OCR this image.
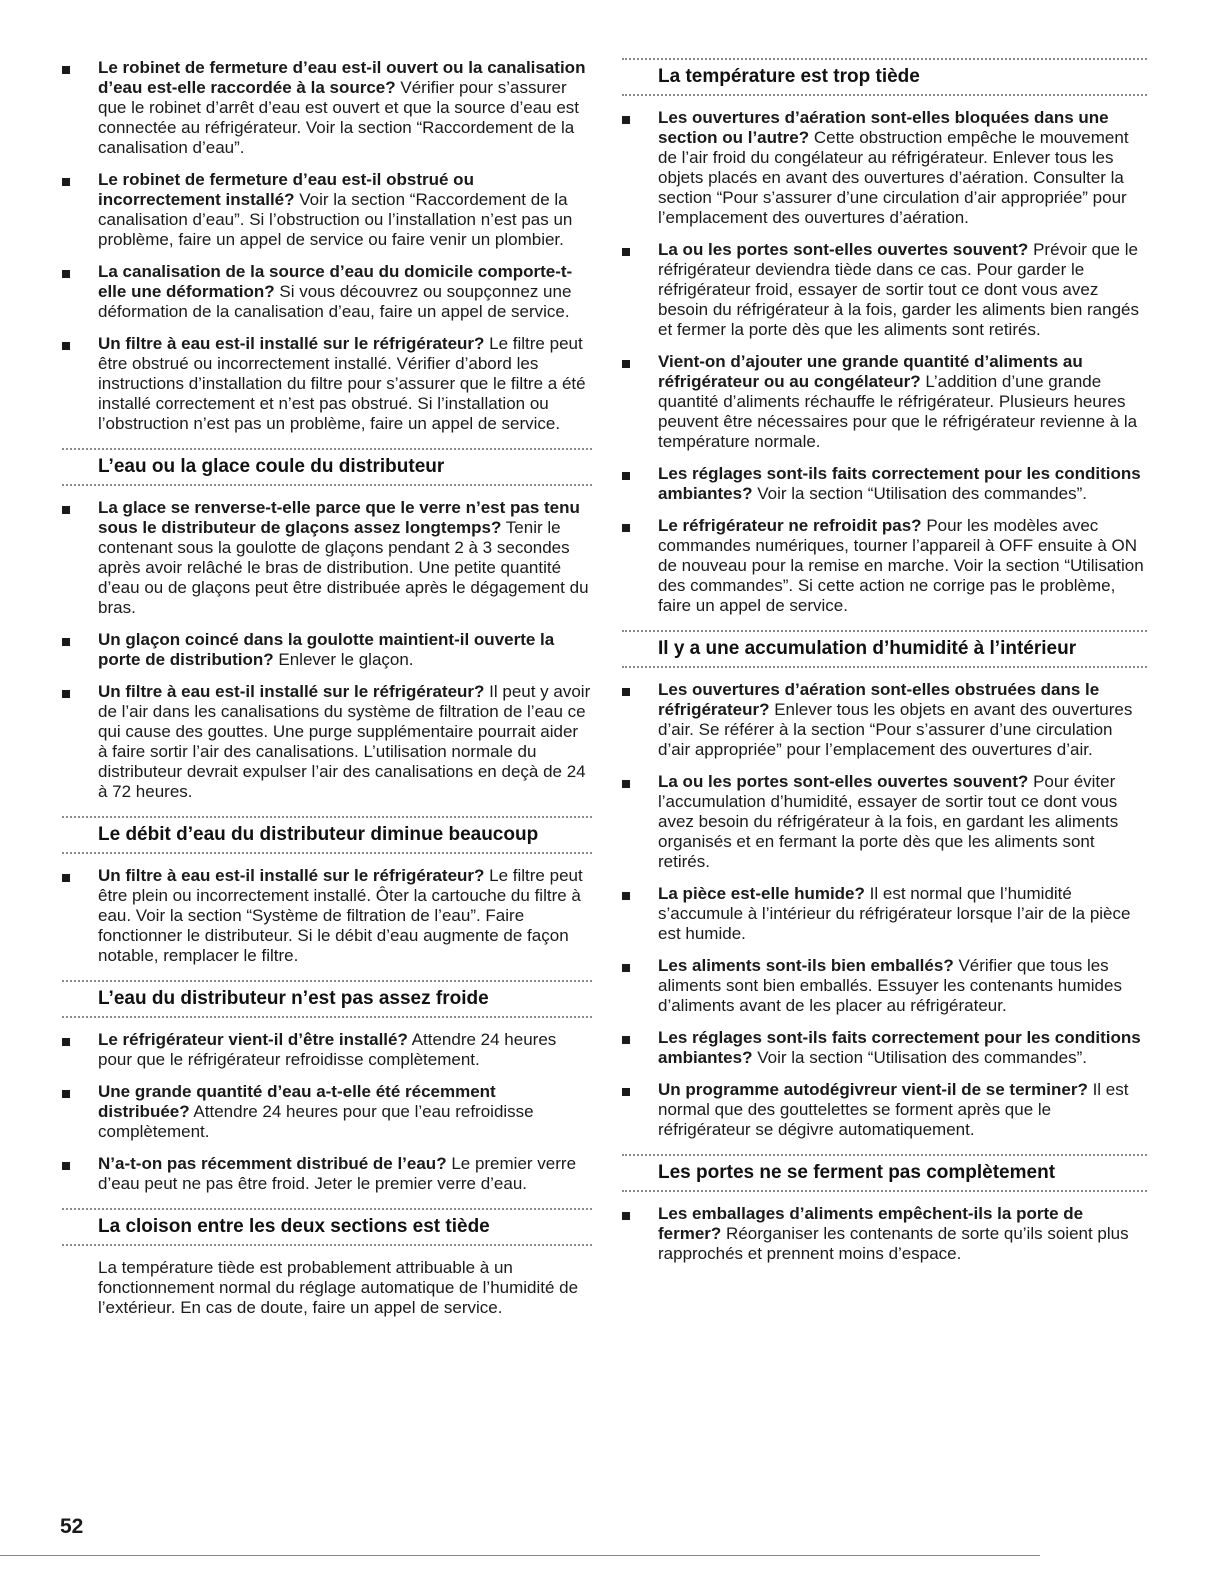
Le robinet de fermeture d’eau est-il ouvert ou la canalisation d’eau est-elle raccordée à la source? Vérifier pour s’assurer que le robinet d’arrêt d’eau est ouvert et que la source d’eau est connectée au réfrigérateur. Voir la section “Raccordement de la canalisation d’eau”.
Le robinet de fermeture d’eau est-il obstrué ou incorrectement installé? Voir la section “Raccordement de la canalisation d’eau”. Si l’obstruction ou l’installation n’est pas un problème, faire un appel de service ou faire venir un plombier.
La canalisation de la source d’eau du domicile comporte-t-elle une déformation? Si vous découvrez ou soupçonnez une déformation de la canalisation d’eau, faire un appel de service.
Un filtre à eau est-il installé sur le réfrigérateur? Le filtre peut être obstrué ou incorrectement installé. Vérifier d’abord les instructions d’installation du filtre pour s’assurer que le filtre a été installé correctement et n’est pas obstrué. Si l’installation ou l’obstruction n’est pas un problème, faire un appel de service.
L’eau ou la glace coule du distributeur
La glace se renverse-t-elle parce que le verre n’est pas tenu sous le distributeur de glaçons assez longtemps? Tenir le contenant sous la goulotte de glaçons pendant 2 à 3 secondes après avoir relâché le bras de distribution. Une petite quantité d’eau ou de glaçons peut être distribuée après le dégagement du bras.
Un glaçon coincé dans la goulotte maintient-il ouverte la porte de distribution? Enlever le glaçon.
Un filtre à eau est-il installé sur le réfrigérateur? Il peut y avoir de l’air dans les canalisations du système de filtration de l’eau ce qui cause des gouttes. Une purge supplémentaire pourrait aider à faire sortir l’air des canalisations. L’utilisation normale du distributeur devrait expulser l’air des canalisations en deçà de 24 à 72 heures.
Le débit d’eau du distributeur diminue beaucoup
Un filtre à eau est-il installé sur le réfrigérateur? Le filtre peut être plein ou incorrectement installé. Ôter la cartouche du filtre à eau. Voir la section “Système de filtration de l’eau”. Faire fonctionner le distributeur. Si le débit d’eau augmente de façon notable, remplacer le filtre.
L’eau du distributeur n’est pas assez froide
Le réfrigérateur vient-il d’être installé? Attendre 24 heures pour que le réfrigérateur refroidisse complètement.
Une grande quantité d’eau a-t-elle été récemment distribuée? Attendre 24 heures pour que l’eau refroidisse complètement.
N’a-t-on pas récemment distribué de l’eau? Le premier verre d’eau peut ne pas être froid. Jeter le premier verre d’eau.
La cloison entre les deux sections est tiède
La température tiède est probablement attribuable à un fonctionnement normal du réglage automatique de l’humidité de l’extérieur. En cas de doute, faire un appel de service.
La température est trop tiède
Les ouvertures d’aération sont-elles bloquées dans une section ou l’autre? Cette obstruction empêche le mouvement de l’air froid du congélateur au réfrigérateur. Enlever tous les objets placés en avant des ouvertures d’aération. Consulter la section “Pour s’assurer d’une circulation d’air appropriée” pour l’emplacement des ouvertures d’aération.
La ou les portes sont-elles ouvertes souvent? Prévoir que le réfrigérateur deviendra tiède dans ce cas. Pour garder le réfrigérateur froid, essayer de sortir tout ce dont vous avez besoin du réfrigérateur à la fois, garder les aliments bien rangés et fermer la porte dès que les aliments sont retirés.
Vient-on d’ajouter une grande quantité d’aliments au réfrigérateur ou au congélateur? L’addition d’une grande quantité d’aliments réchauffe le réfrigérateur. Plusieurs heures peuvent être nécessaires pour que le réfrigérateur revienne à la température normale.
Les réglages sont-ils faits correctement pour les conditions ambiantes? Voir la section “Utilisation des commandes”.
Le réfrigérateur ne refroidit pas? Pour les modèles avec commandes numériques, tourner l’appareil à OFF ensuite à ON de nouveau pour la remise en marche. Voir la section “Utilisation des commandes”. Si cette action ne corrige pas le problème, faire un appel de service.
Il y a une accumulation d’humidité à l’intérieur
Les ouvertures d’aération sont-elles obstruées dans le réfrigérateur? Enlever tous les objets en avant des ouvertures d’air. Se référer à la section “Pour s’assurer d’une circulation d’air appropriée” pour l’emplacement des ouvertures d’air.
La ou les portes sont-elles ouvertes souvent? Pour éviter l’accumulation d’humidité, essayer de sortir tout ce dont vous avez besoin du réfrigérateur à la fois, en gardant les aliments organisés et en fermant la porte dès que les aliments sont retirés.
La pièce est-elle humide? Il est normal que l’humidité s’accumule à l’intérieur du réfrigérateur lorsque l’air de la pièce est humide.
Les aliments sont-ils bien emballés? Vérifier que tous les aliments sont bien emballés. Essuyer les contenants humides d’aliments avant de les placer au réfrigérateur.
Les réglages sont-ils faits correctement pour les conditions ambiantes? Voir la section “Utilisation des commandes”.
Un programme autodégivreur vient-il de se terminer? Il est normal que des gouttelettes se forment après que le réfrigérateur se dégivre automatiquement.
Les portes ne se ferment pas complètement
Les emballages d’aliments empêchent-ils la porte de fermer? Réorganiser les contenants de sorte qu’ils soient plus rapprochés et prennent moins d’espace.
52
